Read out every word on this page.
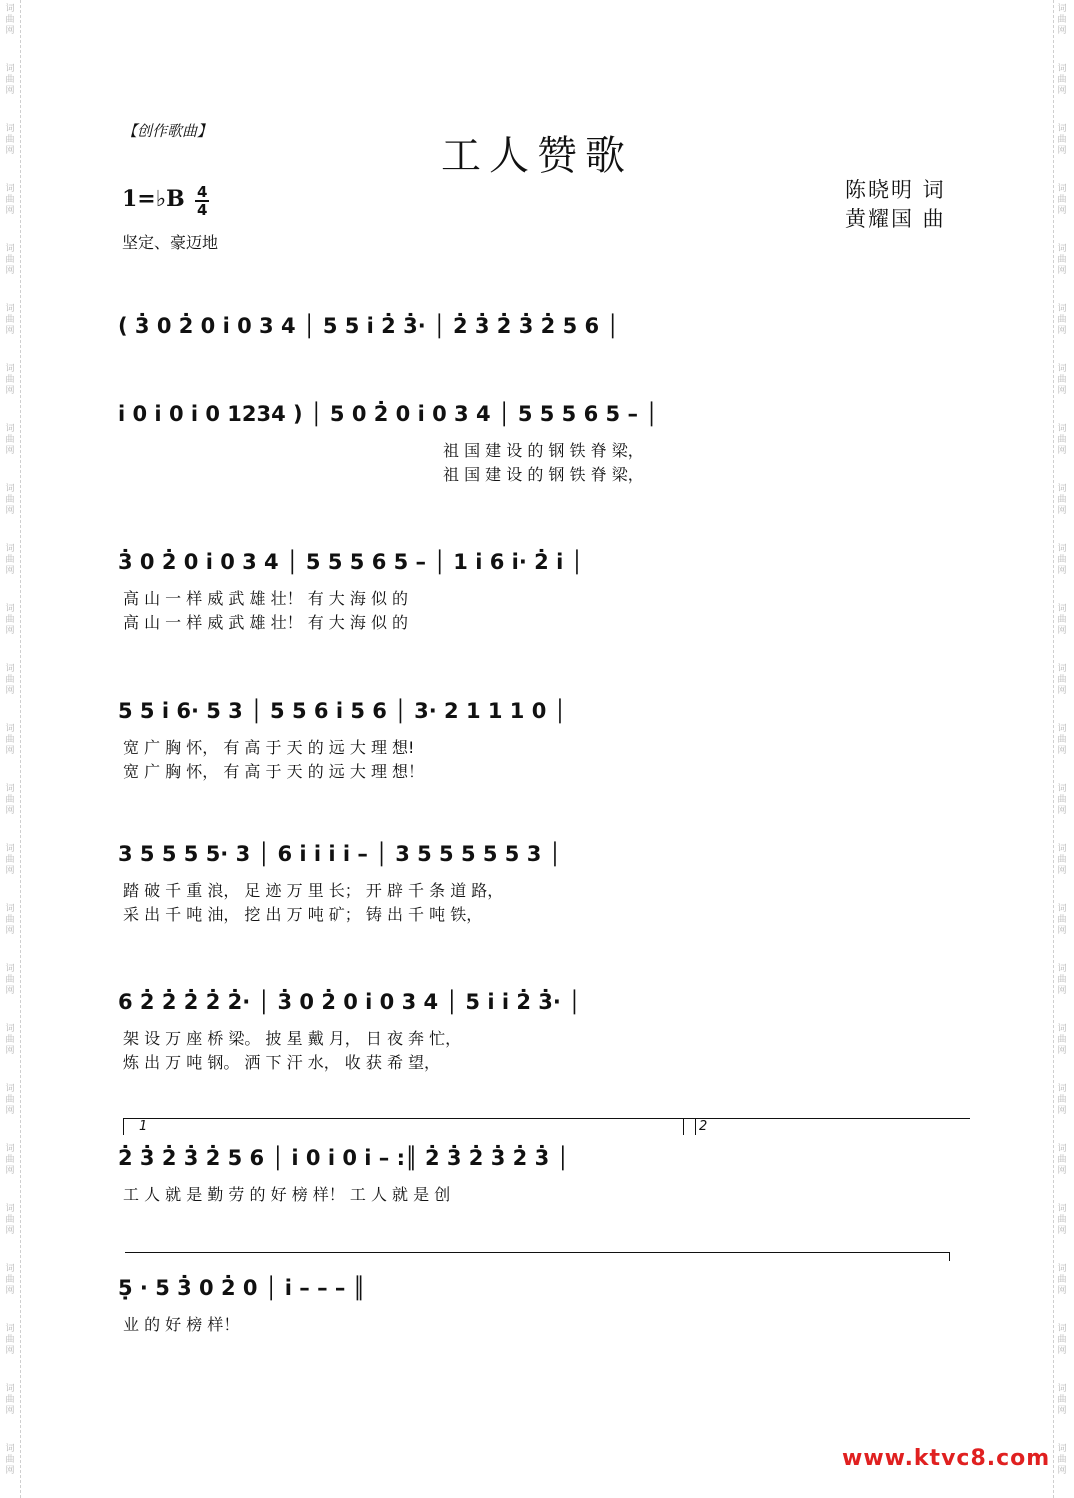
词曲网
词曲网
词曲网
词曲网
词曲网
词曲网
词曲网
词曲网
词曲网
词曲网
词曲网
词曲网
词曲网
词曲网
词曲网
词曲网
词曲网
词曲网
词曲网
词曲网
词曲网
词曲网
词曲网
词曲网
词曲网
词曲网
词曲网
词曲网
词曲网
词曲网
词曲网
词曲网
词曲网
词曲网
词曲网
词曲网
词曲网
词曲网
词曲网
词曲网
词曲网
词曲网
词曲网
词曲网
词曲网
词曲网
词曲网
词曲网
词曲网
词曲网
【创作歌曲】
工人赞歌
1=♭B 4
4
坚定、豪迈地
陈晓明 词
黄耀国 曲
( 3̇ 0 2̇ 0 i 0 3 4 │ 5 5 i 2̇ 3̇· │ 2̇ 3̇ 2̇ 3̇ 2̇ 5 6 │
i 0 i 0 i 0 1234 ) │ 5 0 2̇ 0 i 0 3 4 │ 5 5 5 6 5 – │
祖 国 建 设 的 钢 铁 脊 梁，
祖 国 建 设 的 钢 铁 脊 梁，
3̇ 0 2̇ 0 i 0 3 4 │ 5 5 5 6 5 – │ 1 i 6 i· 2̇ i │
高 山 一 样 威 武 雄 壮！ 有 大 海 似 的
高 山 一 样 威 武 雄 壮！ 有 大 海 似 的
5 5 i 6· 5 3 │ 5 5 6 i 5 6 │ 3· 2 1 1 1 0 │
宽 广 胸 怀， 有 高 于 天 的 远 大 理 想!
宽 广 胸 怀， 有 高 于 天 的 远 大 理 想！
3 5 5 5 5· 3 │ 6 i i i i – │ 3 5 5 5 5 5 3 │
踏 破 千 重 浪， 足 迹 万 里 长； 开 辟 千 条 道 路，
采 出 千 吨 油， 挖 出 万 吨 矿； 铸 出 千 吨 铁，
6 2̇ 2̇ 2̇ 2̇ 2̇· │ 3̇ 0 2̇ 0 i 0 3 4 │ 5 i i 2̇ 3̇· │
架 设 万 座 桥 梁。 披 星 戴 月， 日 夜 奔 忙，
炼 出 万 吨 钢。 洒 下 汗 水， 收 获 希 望，
1	2
2̇ 3̇ 2̇ 3̇ 2̇ 5 6 │ i 0 i 0 i – :║ 2̇ 3̇ 2̇ 3̇ 2̇ 3̇ │
工 人 就 是 勤 劳 的 好 榜 样！ 工 人 就 是 创
5̣ · 5 3̇ 0 2̇ 0 │ i – – – ║
业 的 好 榜 样！
www.ktvc8.com
